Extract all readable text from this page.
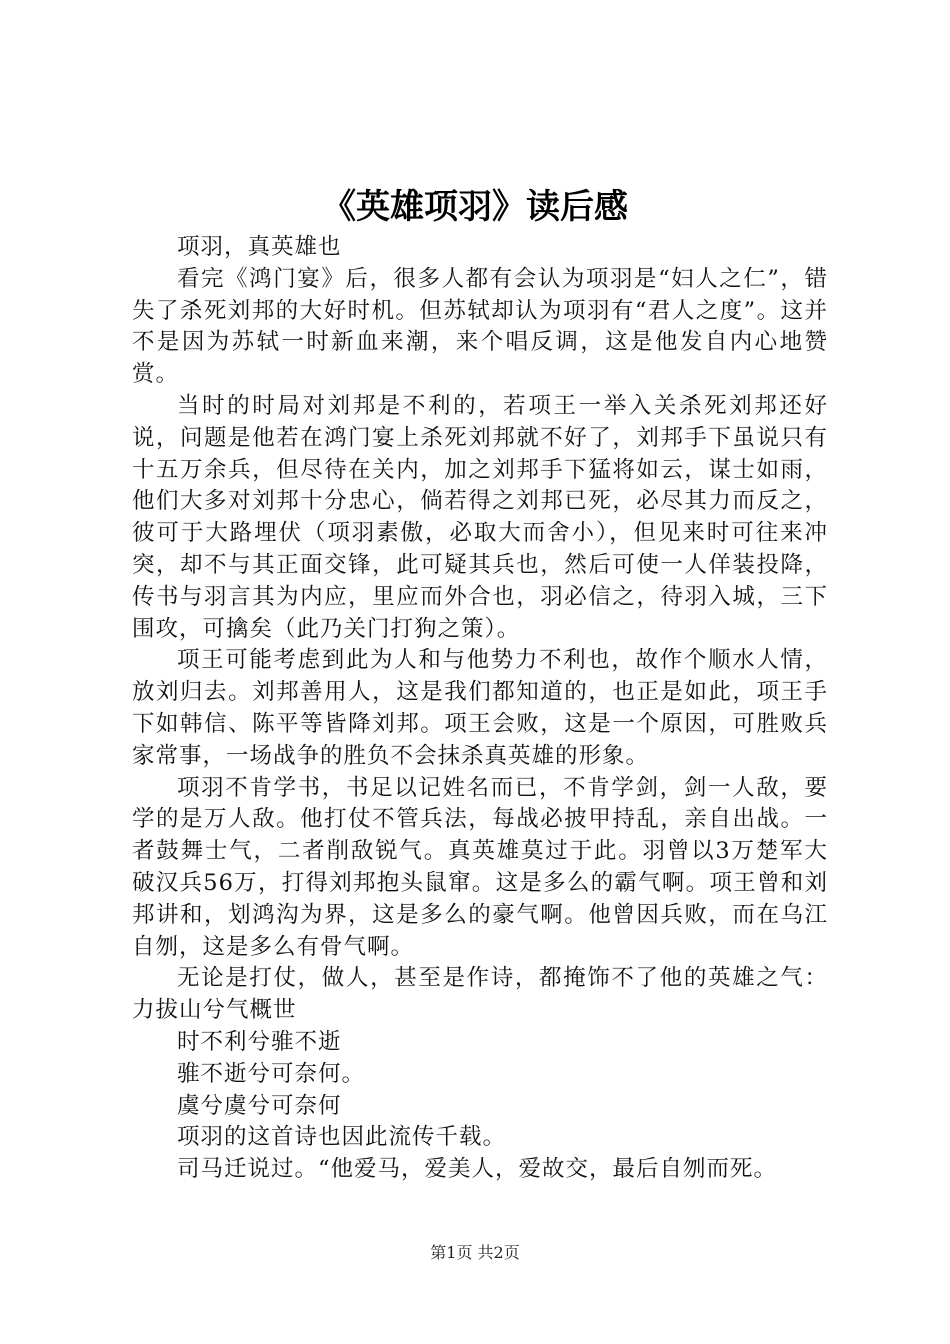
《英雄项羽》读后感

项羽，真英雄也

看完《鸿门宴》后，很多人都有会认为项羽是“妇人之仁”，错失了杀死刘邦的大好时机。但苏轼却认为项羽有“君人之度”。这并不是因为苏轼一时新血来潮，来个唱反调，这是他发自内心地赞赏。

当时的时局对刘邦是不利的，若项王一举入关杀死刘邦还好说，问题是他若在鸿门宴上杀死刘邦就不好了，刘邦手下虽说只有十五万余兵，但尽待在关内，加之刘邦手下猛将如云，谋士如雨，他们大多对刘邦十分忠心，倘若得之刘邦已死，必尽其力而反之，彼可于大路埋伏（项羽素傲，必取大而舍小），但见来时可往来冲突，却不与其正面交锋，此可疑其兵也，然后可使一人佯装投降，传书与羽言其为内应，里应而外合也，羽必信之，待羽入城，三下围攻，可擒矣（此乃关门打狗之策）。

项王可能考虑到此为人和与他势力不利也，故作个顺水人情，放刘归去。刘邦善用人，这是我们都知道的，也正是如此，项王手下如韩信、陈平等皆降刘邦。项王会败，这是一个原因，可胜败兵家常事，一场战争的胜负不会抹杀真英雄的形象。

项羽不肯学书，书足以记姓名而已，不肯学剑，剑一人敌，要学的是万人敌。他打仗不管兵法，每战必披甲持乱，亲自出战。一者鼓舞士气，二者削敌锐气。真英雄莫过于此。羽曾以3万楚军大破汉兵56万，打得刘邦抱头鼠窜。这是多么的霸气啊。项王曾和刘邦讲和，划鸿沟为界，这是多么的豪气啊。他曾因兵败，而在乌江自刎，这是多么有骨气啊。

无论是打仗，做人，甚至是作诗，都掩饰不了他的英雄之气：力拔山兮气概世

时不利兮骓不逝

骓不逝兮可奈何。

虞兮虞兮可奈何

项羽的这首诗也因此流传千载。

司马迁说过。“他爱马，爱美人，爱故交，最后自刎而死。

第1页 共2页
